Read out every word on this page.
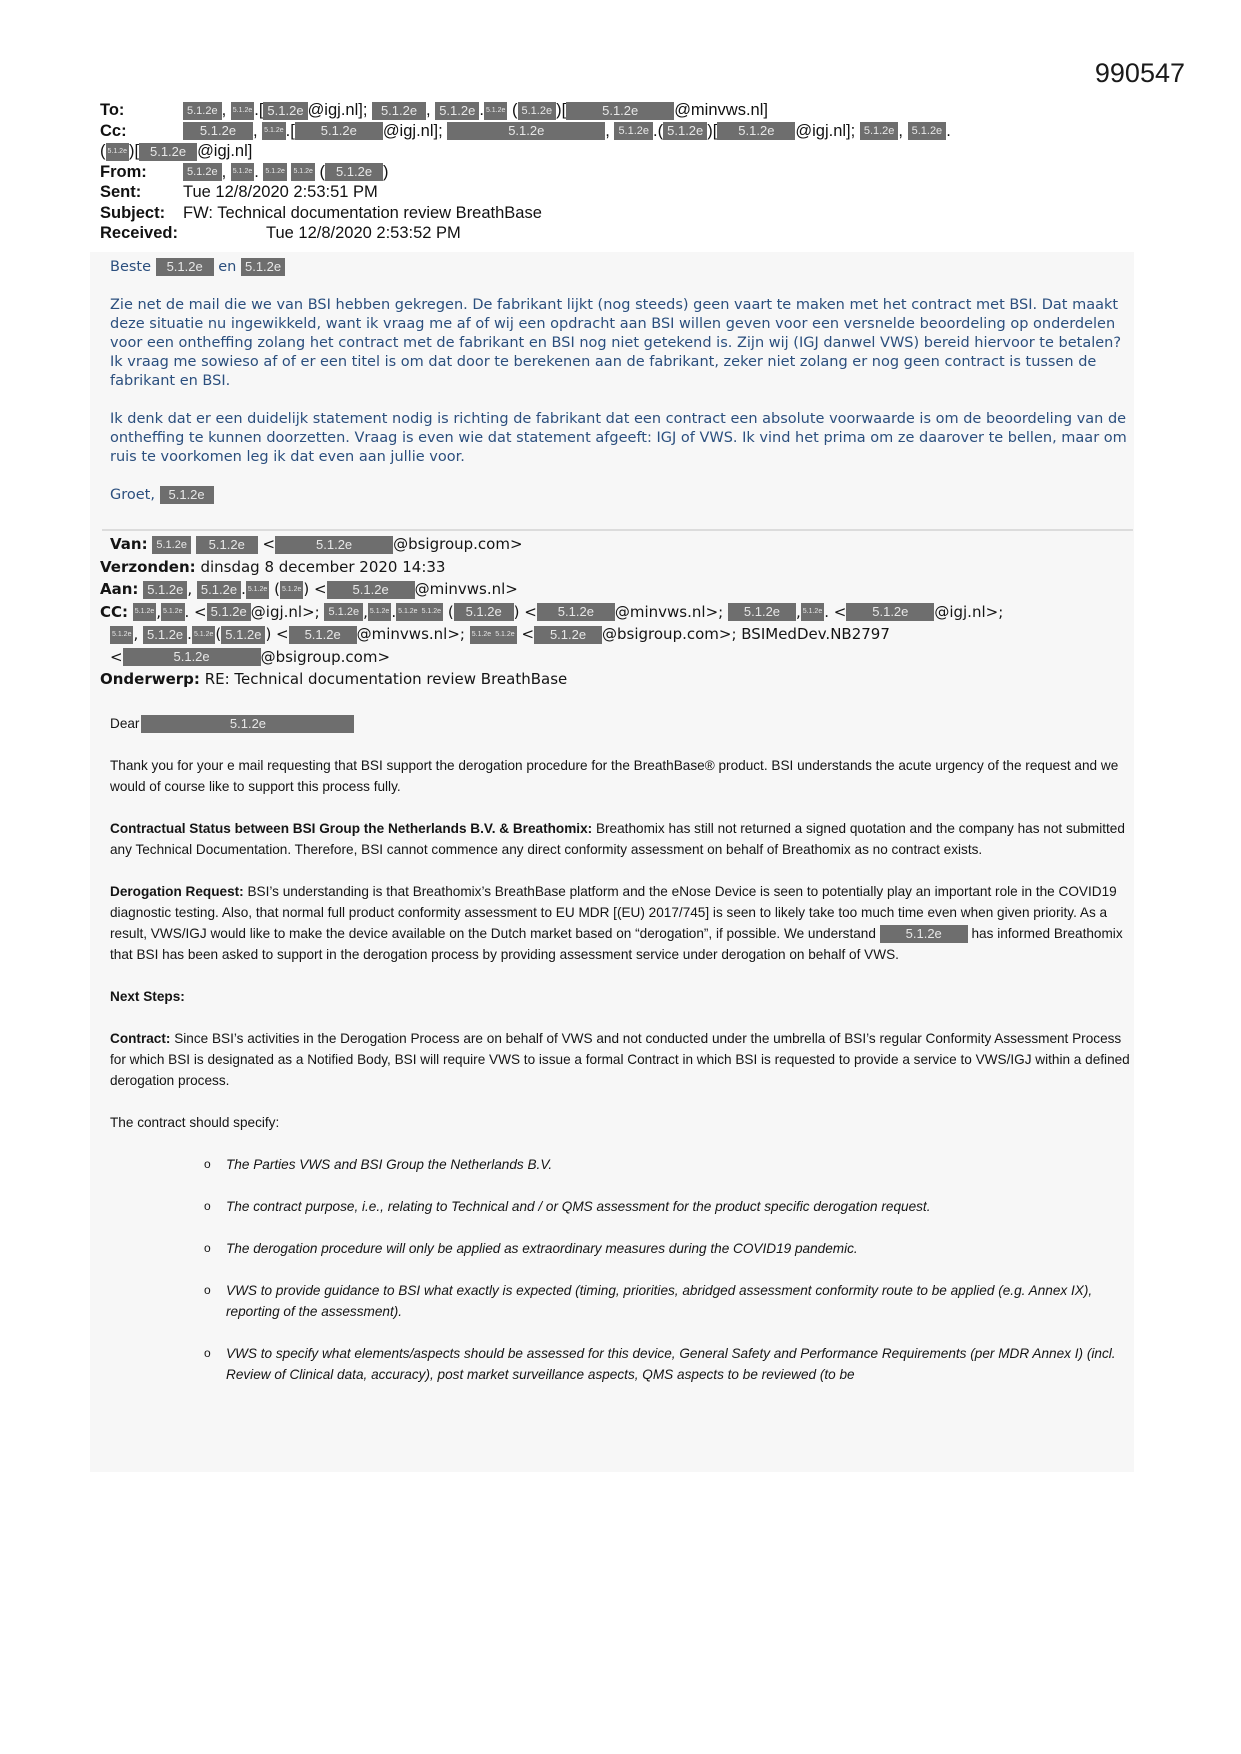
990547
To:	5.1.2e , 5.1.2e .[ 5.1.2e @igj.nl]; 5.1.2e , 5.1.2e . 5.1.2e ( 5.1.2e )[	5.1.2e @minvws.nl]
Cc:	5.1.2e , 5.1.2e .[ 5.1.2e @igj.nl];	5.1.2e	, 5.1.2e .( 5.1.2e )[ 5.1.2e @igj.nl]; 5.1.2e , 5.1.2e .
( 5.1.2e )[ 5.1.2e @igj.nl]
From:	5.1.2e , 5.1.2e . 5.1.2e 5.1.2e ( 5.1.2e )
Sent:	Tue 12/8/2020 2:53:51 PM
Subject:	FW: Technical documentation review BreathBase
Received:	Tue 12/8/2020 2:53:52 PM

Beste 5.1.2e en 5.1.2e

Zie net de mail die we van BSI hebben gekregen. De fabrikant lijkt (nog steeds) geen vaart te maken met het contract met BSI. Dat maakt deze situatie nu ingewikkeld, want ik vraag me af of wij een opdracht aan BSI willen geven voor een versnelde beoordeling op onderdelen voor een ontheffing zolang het contract met de fabrikant en BSI nog niet getekend is. Zijn wij (IGJ danwel VWS) bereid hiervoor te betalen? Ik vraag me sowieso af of er een titel is om dat door te berekenen aan de fabrikant, zeker niet zolang er nog geen contract is tussen de fabrikant en BSI.

Ik denk dat er een duidelijk statement nodig is richting de fabrikant dat een contract een absolute voorwaarde is om de beoordeling van de ontheffing te kunnen doorzetten. Vraag is even wie dat statement afgeeft: IGJ of VWS. Ik vind het prima om ze daarover te bellen, maar om ruis te voorkomen leg ik dat even aan jullie voor.

Groet, 5.1.2e

Van: 5.1.2e 5.1.2e <	5.1.2e	@bsigroup.com>
Verzonden: dinsdag 8 december 2020 14:33
Aan: 5.1.2e , 5.1.2e . 5.1.2e ( 5.1.2e ) < 5.1.2e @minvws.nl>
CC: 5.1.2e , 5.1.2e . < 5.1.2e @igj.nl>; 5.1.2e , 5.1.2e . 5.1.2e 5.1.2e ( 5.1.2e ) < 5.1.2e @minvws.nl>; 5.1.2e , 5.1.2e . < 5.1.2e @igj.nl>;
5.1.2e , 5.1.2e . 5.1.2e ( 5.1.2e ) < 5.1.2e @minvws.nl>; 5.1.2e 5.1.2e < 5.1.2e @bsigroup.com>; BSIMedDev.NB2797
<	5.1.2e	@bsigroup.com>
Onderwerp: RE: Technical documentation review BreathBase

Dear	5.1.2e

Thank you for your e mail requesting that BSI support the derogation procedure for the BreathBase® product. BSI understands the acute urgency of the request and we would of course like to support this process fully.

Contractual Status between BSI Group the Netherlands B.V. & Breathomix: Breathomix has still not returned a signed quotation and the company has not submitted any Technical Documentation. Therefore, BSI cannot commence any direct conformity assessment on behalf of Breathomix as no contract exists.

Derogation Request: BSI’s understanding is that Breathomix’s BreathBase platform and the eNose Device is seen to potentially play an important role in the COVID19 diagnostic testing. Also, that normal full product conformity assessment to EU MDR [(EU) 2017/745] is seen to likely take too much time even when given priority. As a result, VWS/IGJ would like to make the device available on the Dutch market based on “derogation”, if possible. We understand 5.1.2e has informed Breathomix that BSI has been asked to support in the derogation process by providing assessment service under derogation on behalf of VWS.

Next Steps:

Contract: Since BSI’s activities in the Derogation Process are on behalf of VWS and not conducted under the umbrella of BSI’s regular Conformity Assessment Process for which BSI is designated as a Notified Body, BSI will require VWS to issue a formal Contract in which BSI is requested to provide a service to VWS/IGJ within a defined derogation process.

The contract should specify:

o The Parties VWS and BSI Group the Netherlands B.V.
o The contract purpose, i.e., relating to Technical and / or QMS assessment for the product specific derogation request.
o The derogation procedure will only be applied as extraordinary measures during the COVID19 pandemic.
o VWS to provide guidance to BSI what exactly is expected (timing, priorities, abridged assessment conformity route to be applied (e.g. Annex IX), reporting of the assessment).
o VWS to specify what elements/aspects should be assessed for this device, General Safety and Performance Requirements (per MDR Annex I) (incl. Review of Clinical data, accuracy), post market surveillance aspects, QMS aspects to be reviewed (to be
